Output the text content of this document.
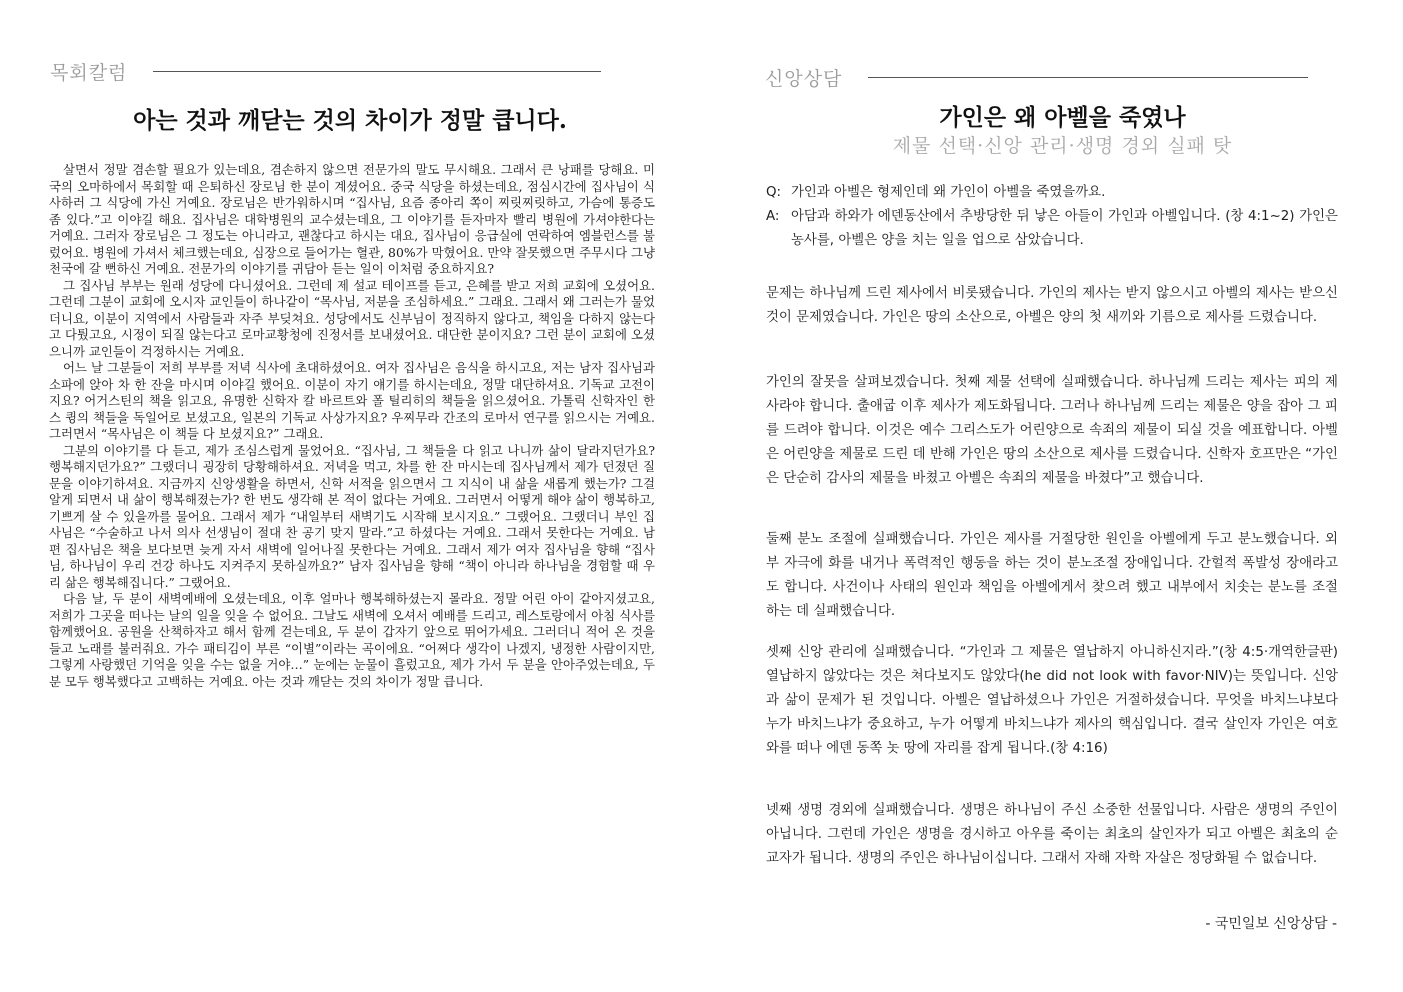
목회칼럼
아는 것과 깨닫는 것의 차이가 정말 큽니다.

살면서 정말 겸손할 필요가 있는데요, 겸손하지 않으면 전문가의 말도 무시해요. 그래서 큰 낭패를 당해요. 미국의 오마하에서 목회할 때 은퇴하신 장로님 한 분이 계셨어요. 중국 식당을 하셨는데요, 점심시간에 집사님이 식사하러 그 식당에 가신 거예요. 장로님은 반가워하시며 “집사님, 요즘 종아리 쪽이 찌릿찌릿하고, 가슴에 통증도 좀 있다.”고 이야길 해요. 집사님은 대학병원의 교수셨는데요, 그 이야기를 듣자마자 빨리 병원에 가셔야한다는 거예요. 그러자 장로님은 그 정도는 아니라고, 괜찮다고 하시는 대요, 집사님이 응급실에 연락하여 엠블런스를 불렀어요. 병원에 가셔서 체크했는데요, 심장으로 들어가는 혈관, 80%가 막혔어요. 만약 잘못했으면 주무시다 그냥 천국에 갈 뻔하신 거예요. 전문가의 이야기를 귀담아 듣는 일이 이처럼 중요하지요?

그 집사님 부부는 원래 성당에 다니셨어요. 그런데 제 설교 테이프를 듣고, 은혜를 받고 저희 교회에 오셨어요. 그런데 그분이 교회에 오시자 교인들이 하나같이 “목사님, 저분을 조심하세요.” 그래요. 그래서 왜 그러는가 물었더니요, 이분이 지역에서 사람들과 자주 부딪쳐요. 성당에서도 신부님이 정직하지 않다고, 책임을 다하지 않는다고 다퉜고요, 시정이 되질 않는다고 로마교황청에 진정서를 보내셨어요. 대단한 분이지요? 그런 분이 교회에 오셨으니까 교인들이 걱정하시는 거예요.

어느 날 그분들이 저희 부부를 저녁 식사에 초대하셨어요. 여자 집사님은 음식을 하시고요, 저는 남자 집사님과 소파에 앉아 차 한 잔을 마시며 이야길 했어요. 이분이 자기 얘기를 하시는데요, 정말 대단하셔요. 기독교 고전이지요? 어거스틴의 책을 읽고요, 유명한 신학자 칼 바르트와 폴 틸리히의 책들을 읽으셨어요. 가톨릭 신학자인 한스 큉의 책들을 독일어로 보셨고요, 일본의 기독교 사상가지요? 우찌무라 간조의 로마서 연구를 읽으시는 거예요. 그러면서 “목사님은 이 책들 다 보셨지요?” 그래요.

그분의 이야기를 다 듣고, 제가 조심스럽게 물었어요. “집사님, 그 책들을 다 읽고 나니까 삶이 달라지던가요? 행복해지던가요?” 그랬더니 굉장히 당황해하셔요. 저녁을 먹고, 차를 한 잔 마시는데 집사님께서 제가 던졌던 질문을 이야기하셔요. 지금까지 신앙생활을 하면서, 신학 서적을 읽으면서 그 지식이 내 삶을 새롭게 했는가? 그걸 알게 되면서 내 삶이 행복해졌는가? 한 번도 생각해 본 적이 없다는 거예요. 그러면서 어떻게 해야 삶이 행복하고, 기쁘게 살 수 있을까를 물어요. 그래서 제가 “내일부터 새벽기도 시작해 보시지요.” 그랬어요. 그랬더니 부인 집사님은 “수술하고 나서 의사 선생님이 절대 찬 공기 맞지 말라.”고 하셨다는 거예요. 그래서 못한다는 거예요. 남편 집사님은 책을 보다보면 늦게 자서 새벽에 일어나질 못한다는 거예요. 그래서 제가 여자 집사님을 향해 “집사님, 하나님이 우리 건강 하나도 지켜주지 못하실까요?” 남자 집사님을 향해 “책이 아니라 하나님을 경험할 때 우리 삶은 행복해집니다.” 그랬어요.

다음 날, 두 분이 새벽예배에 오셨는데요, 이후 얼마나 행복해하셨는지 몰라요. 정말 어린 아이 같아지셨고요, 저희가 그곳을 떠나는 날의 일을 잊을 수 없어요. 그날도 새벽에 오셔서 예배를 드리고, 레스토랑에서 아침 식사를 함께했어요. 공원을 산책하자고 해서 함께 걷는데요, 두 분이 갑자기 앞으로 뛰어가세요. 그러더니 적어 온 것을 들고 노래를 불러줘요. 가수 패티김이 부른 “이별”이라는 곡이에요. “어쩌다 생각이 나겠지, 냉정한 사람이지만, 그렇게 사랑했던 기억을 잊을 수는 없을 거야…” 눈에는 눈물이 흘렀고요, 제가 가서 두 분을 안아주었는데요, 두 분 모두 행복했다고 고백하는 거예요. 아는 것과 깨닫는 것의 차이가 정말 큽니다.

신앙상담
가인은 왜 아벨을 죽였나
제물 선택·신앙 관리·생명 경외 실패 탓
Q: 가인과 아벨은 형제인데 왜 가인이 아벨을 죽였을까요.
A: 아담과 하와가 에덴동산에서 추방당한 뒤 낳은 아들이 가인과 아벨입니다. (창 4:1~2) 가인은 농사를, 아벨은 양을 치는 일을 업으로 삼았습니다.

문제는 하나님께 드린 제사에서 비롯됐습니다. 가인의 제사는 받지 않으시고 아벨의 제사는 받으신 것이 문제였습니다. 가인은 땅의 소산으로, 아벨은 양의 첫 새끼와 기름으로 제사를 드렸습니다.

가인의 잘못을 살펴보겠습니다. 첫째 제물 선택에 실패했습니다. 하나님께 드리는 제사는 피의 제사라야 합니다. 출애굽 이후 제사가 제도화됩니다. 그러나 하나님께 드리는 제물은 양을 잡아 그 피를 드려야 합니다. 이것은 예수 그리스도가 어린양으로 속죄의 제물이 되실 것을 예표합니다. 아벨은 어린양을 제물로 드린 데 반해 가인은 땅의 소산으로 제사를 드렸습니다. 신학자 호프만은 “가인은 단순히 감사의 제물을 바쳤고 아벨은 속죄의 제물을 바쳤다”고 했습니다.

둘째 분노 조절에 실패했습니다. 가인은 제사를 거절당한 원인을 아벨에게 두고 분노했습니다. 외부 자극에 화를 내거나 폭력적인 행동을 하는 것이 분노조절 장애입니다. 간헐적 폭발성 장애라고도 합니다. 사건이나 사태의 원인과 책임을 아벨에게서 찾으려 했고 내부에서 치솟는 분노를 조절하는 데 실패했습니다.

셋째 신앙 관리에 실패했습니다. “가인과 그 제물은 열납하지 아니하신지라.”(창 4:5·개역한글판) 열납하지 않았다는 것은 쳐다보지도 않았다(he did not look with favor·NIV)는 뜻입니다. 신앙과 삶이 문제가 된 것입니다. 아벨은 열납하셨으나 가인은 거절하셨습니다. 무엇을 바치느냐보다 누가 바치느냐가 중요하고, 누가 어떻게 바치느냐가 제사의 핵심입니다. 결국 살인자 가인은 여호와를 떠나 에덴 동쪽 놋 땅에 자리를 잡게 됩니다.(창 4:16)

넷째 생명 경외에 실패했습니다. 생명은 하나님이 주신 소중한 선물입니다. 사람은 생명의 주인이 아닙니다. 그런데 가인은 생명을 경시하고 아우를 죽이는 최초의 살인자가 되고 아벨은 최초의 순교자가 됩니다. 생명의 주인은 하나님이십니다. 그래서 자해 자학 자살은 정당화될 수 없습니다.

- 국민일보 신앙상담 -
